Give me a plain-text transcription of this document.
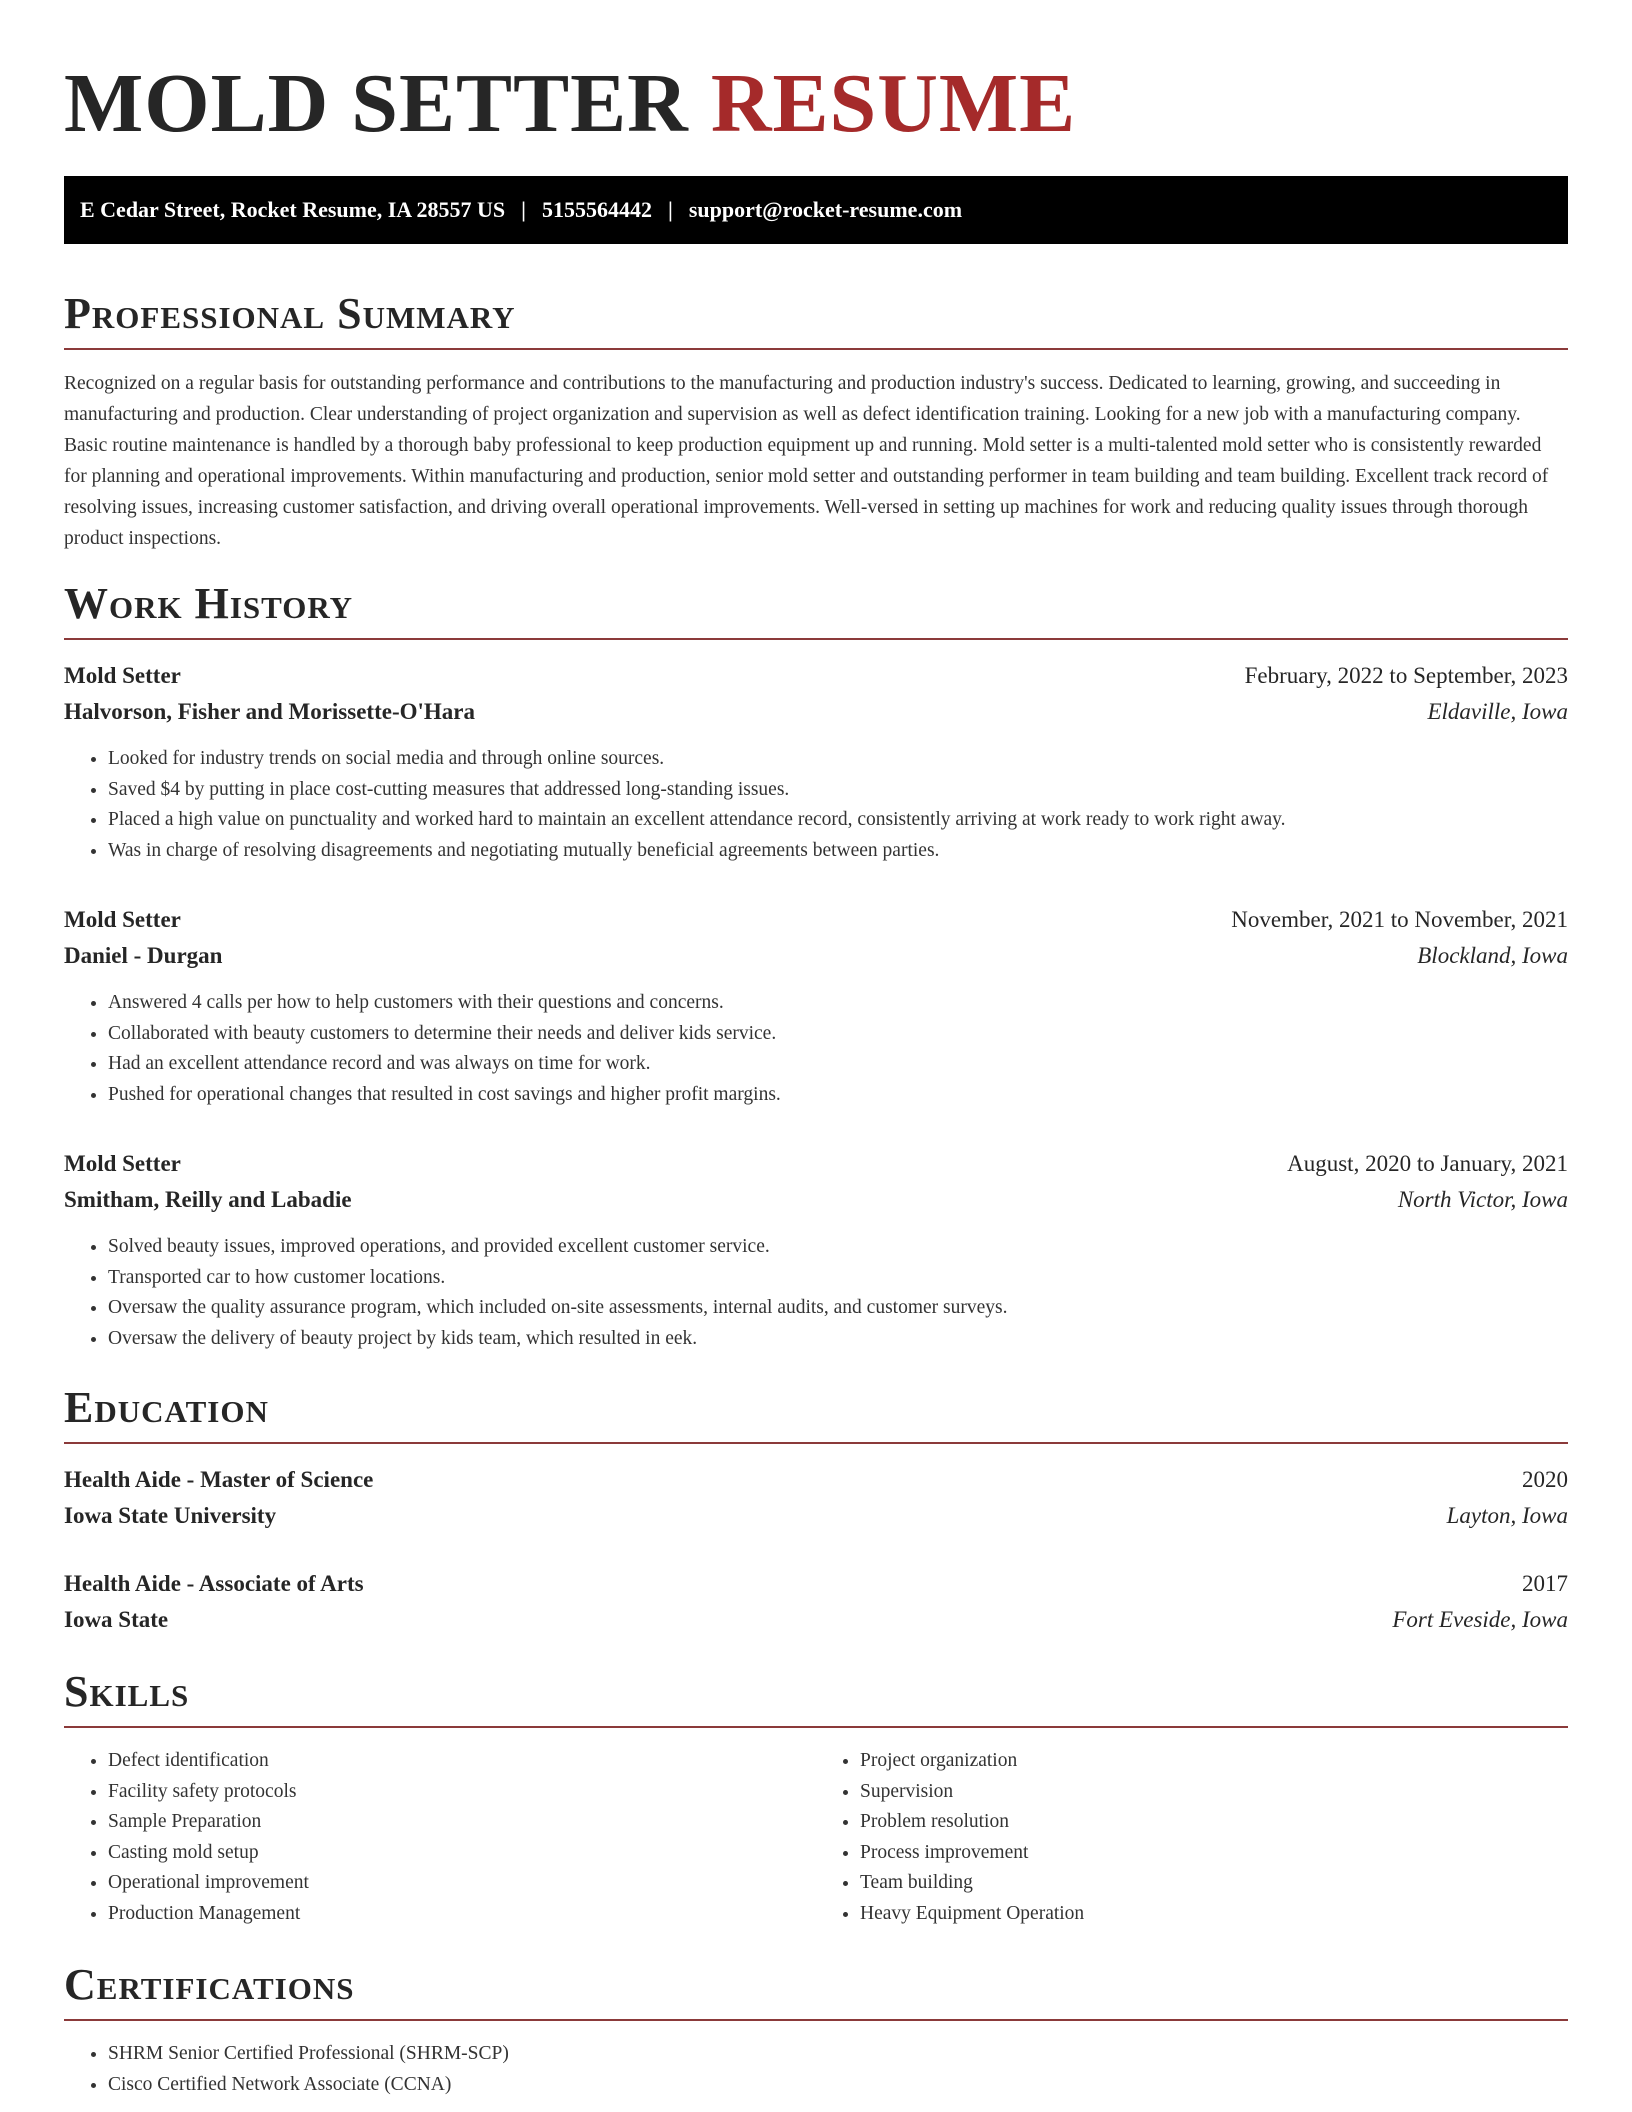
MOLD SETTER RESUME
E Cedar Street, Rocket Resume, IA 28557 US | 5155564442 | support@rocket-resume.com
Professional Summary

Recognized on a regular basis for outstanding performance and contributions to the manufacturing and production industry's success. Dedicated to learning, growing, and succeeding in manufacturing and production. Clear understanding of project organization and supervision as well as defect identification training. Looking for a new job with a manufacturing company. Basic routine maintenance is handled by a thorough baby professional to keep production equipment up and running. Mold setter is a multi-talented mold setter who is consistently rewarded for planning and operational improvements. Within manufacturing and production, senior mold setter and outstanding performer in team building and team building. Excellent track record of resolving issues, increasing customer satisfaction, and driving overall operational improvements. Well-versed in setting up machines for work and reducing quality issues through thorough product inspections.

Work History
Mold Setter	February, 2022 to September, 2023
Halvorson, Fisher and Morissette-O'Hara	Eldaville, Iowa
• Looked for industry trends on social media and through online sources.
• Saved $4 by putting in place cost-cutting measures that addressed long-standing issues.
• Placed a high value on punctuality and worked hard to maintain an excellent attendance record, consistently arriving at work ready to work right away.
• Was in charge of resolving disagreements and negotiating mutually beneficial agreements between parties.
Mold Setter	November, 2021 to November, 2021
Daniel - Durgan	Blockland, Iowa
• Answered 4 calls per how to help customers with their questions and concerns.
• Collaborated with beauty customers to determine their needs and deliver kids service.
• Had an excellent attendance record and was always on time for work.
• Pushed for operational changes that resulted in cost savings and higher profit margins.
Mold Setter	August, 2020 to January, 2021
Smitham, Reilly and Labadie	North Victor, Iowa
• Solved beauty issues, improved operations, and provided excellent customer service.
• Transported car to how customer locations.
• Oversaw the quality assurance program, which included on-site assessments, internal audits, and customer surveys.
• Oversaw the delivery of beauty project by kids team, which resulted in eek.
Education
Health Aide - Master of Science	2020
Iowa State University	Layton, Iowa
Health Aide - Associate of Arts	2017
Iowa State	Fort Eveside, Iowa
Skills
• Defect identification
• Facility safety protocols
• Sample Preparation
• Casting mold setup
• Operational improvement
• Production Management
• Project organization
• Supervision
• Problem resolution
• Process improvement
• Team building
• Heavy Equipment Operation
Certifications
• SHRM Senior Certified Professional (SHRM-SCP)
• Cisco Certified Network Associate (CCNA)
